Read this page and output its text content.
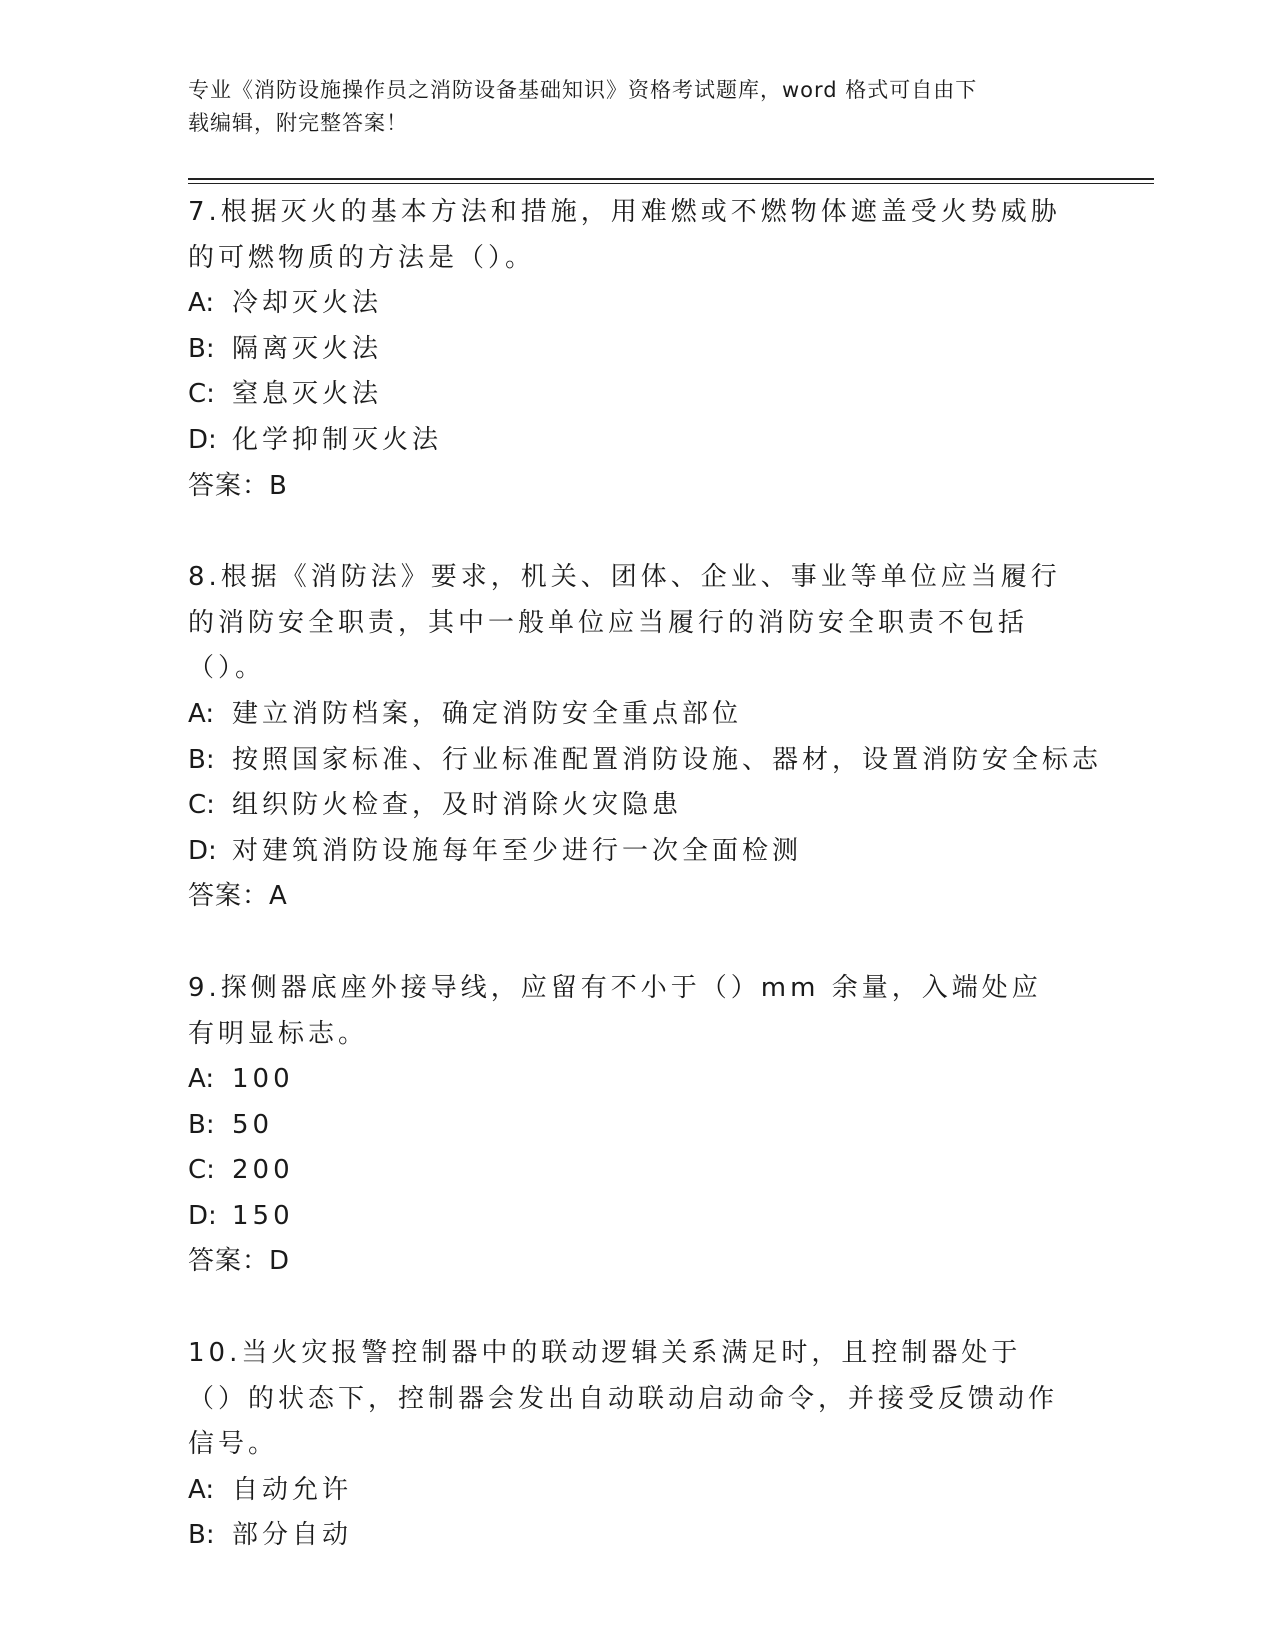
专业《消防设施操作员之消防设备基础知识》资格考试题库，word 格式可自由下
载编辑，附完整答案！
7.根据灭火的基本方法和措施，用难燃或不燃物体遮盖受火势威胁的可燃物质的方法是（）。
A: 冷却灭火法
B: 隔离灭火法
C: 窒息灭火法
D: 化学抑制灭火法
答案：B
8.根据《消防法》要求，机关、团体、企业、事业等单位应当履行的消防安全职责，其中一般单位应当履行的消防安全职责不包括（）。
A: 建立消防档案，确定消防安全重点部位
B: 按照国家标准、行业标准配置消防设施、器材，设置消防安全标志
C: 组织防火检查，及时消除火灾隐患
D: 对建筑消防设施每年至少进行一次全面检测
答案：A
9.探侧器底座外接导线，应留有不小于（）mm 余量，入端处应有明显标志。
A: 100
B: 50
C: 200
D: 150
答案：D
10.当火灾报警控制器中的联动逻辑关系满足时，且控制器处于（）的状态下，控制器会发出自动联动启动命令，并接受反馈动作信号。
A: 自动允许
B: 部分自动
